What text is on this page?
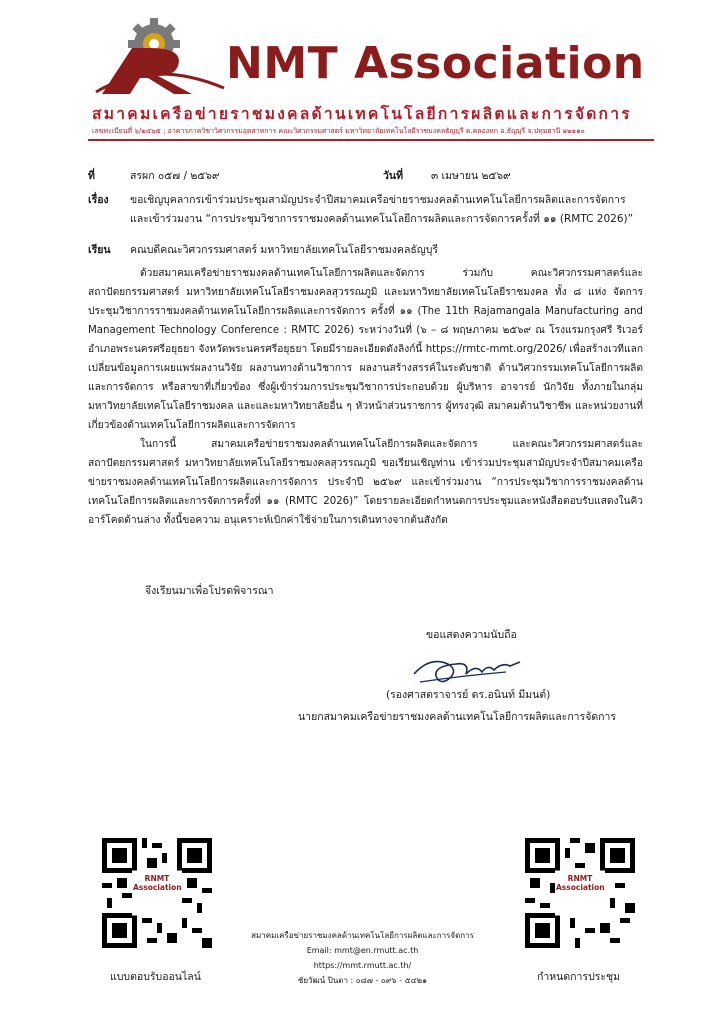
NMT Association
สมาคมเครือข่ายราชมงคลด้านเทคโนโลยีการผลิตและการจัดการ
เลขทะเบียนที่ ๖/๒๕๖๕ ; อาคารภาควิชาวิศวกรรมอุตสาหการ คณะวิศวกรรมศาสตร์ มหาวิทยาลัยเทคโนโลยีราชมงคลธัญบุรี ต.คลองหก อ.ธัญบุรี จ.ปทุมธานี ๑๒๑๑๐
ที่	สรผก ๐๕๗ / ๒๕๖๙	วันที่	๓ เมษายน ๒๕๖๙
เรื่อง ขอเชิญบุคลากรเข้าร่วมประชุมสามัญประจำปีสมาคมเครือข่ายราชมงคลด้านเทคโนโลยีการผลิตและการจัดการ
และเข้าร่วมงาน “การประชุมวิชาการราชมงคลด้านเทคโนโลยีการผลิตและการจัดการครั้งที่ ๑๑ (RMTC 2026)”
เรียน คณบดีคณะวิศวกรรมศาสตร์ มหาวิทยาลัยเทคโนโลยีราชมงคลธัญบุรี

ด้วยสมาคมเครือข่ายราชมงคลด้านเทคโนโลยีการผลิตและจัดการ ร่วมกับ คณะวิศวกรรมศาสตร์และสถาปัตยกรรมศาสตร์ มหาวิทยาลัยเทคโนโลยีราชมงคลสุวรรณภูมิ และมหาวิทยาลัยเทคโนโลยีราชมงคล ทั้ง ๘ แห่ง จัดการประชุมวิชาการราชมงคลด้านเทคโนโลยีการผลิตและการจัดการ ครั้งที่ ๑๑ (The 11th Rajamangala Manufacturing and Management Technology Conference : RMTC 2026) ระหว่างวันที่ (๖ – ๘ พฤษภาคม ๒๕๖๙ ณ โรงแรมกรุงศรี ริเวอร์ อำเภอพระนครศรีอยุธยา จังหวัดพระนครศรีอยุธยา โดยมีรายละเอียดดังลิงก์นี้ https://rmtc-mmt.org/2026/ เพื่อสร้างเวทีแลกเปลี่ยนข้อมูลการเผยแพร่ผลงานวิจัย ผลงานทางด้านวิชาการ ผลงานสร้างสรรค์ในระดับชาติ ด้านวิศวกรรมเทคโนโลยีการผลิตและการจัดการ หรือสาขาที่เกี่ยวข้อง ซึ่งผู้เข้าร่วมการประชุมวิชาการประกอบด้วย ผู้บริหาร อาจารย์ นักวิจัย ทั้งภายในกลุ่มมหาวิทยาลัยเทคโนโลยีราชมงคล และและมหาวิทยาลัยอื่น ๆ หัวหน้าส่วนราชการ ผู้ทรงวุฒิ สมาคมด้านวิชาชีพ และหน่วยงานที่เกี่ยวข้องด้านเทคโนโลยีการผลิตและการจัดการ

ในการนี้ สมาคมเครือข่ายราชมงคลด้านเทคโนโลยีการผลิตและจัดการ และคณะวิศวกรรมศาสตร์และสถาปัตยกรรมศาสตร์ มหาวิทยาลัยเทคโนโลยีราชมงคลสุวรรณภูมิ ขอเรียนเชิญท่าน เข้าร่วมประชุมสามัญประจำปีสมาคมเครือข่ายราชมงคลด้านเทคโนโลยีการผลิตและการจัดการ ประจำปี ๒๕๖๙ และเข้าร่วมงาน “การประชุมวิชาการราชมงคลด้านเทคโนโลยีการผลิตและการจัดการครั้งที่ ๑๑ (RMTC 2026)” โดยรายละเอียดกำหนดการประชุมและหนังสือตอบรับแสดงในคิวอาร์โคดด้านล่าง ทั้งนี้ขอความ อนุเคราะห์เบิกค่าใช้จ่ายในการเดินทางจากต้นสังกัด

จึงเรียนมาเพื่อโปรดพิจารณา
ขอแสดงความนับถือ
(รองศาสตราจารย์ ดร.อนินท์ มีมนต์)
นายกสมาคมเครือข่ายราชมงคลด้านเทคโนโลยีการผลิตและการจัดการ
RNMT Association
แบบตอบรับออนไลน์
RNMT Association
กำหนดการประชุม
สมาคมเครือข่ายราชมงคลด้านเทคโนโลยีการผลิตและการจัดการ
Email: mmt@en.rmutt.ac.th
https://mmt.rmutt.ac.th/
ชัยวัฒน์ ปินตา : ๐๘๗ - ๐๙๖ - ๕๔๒๑
